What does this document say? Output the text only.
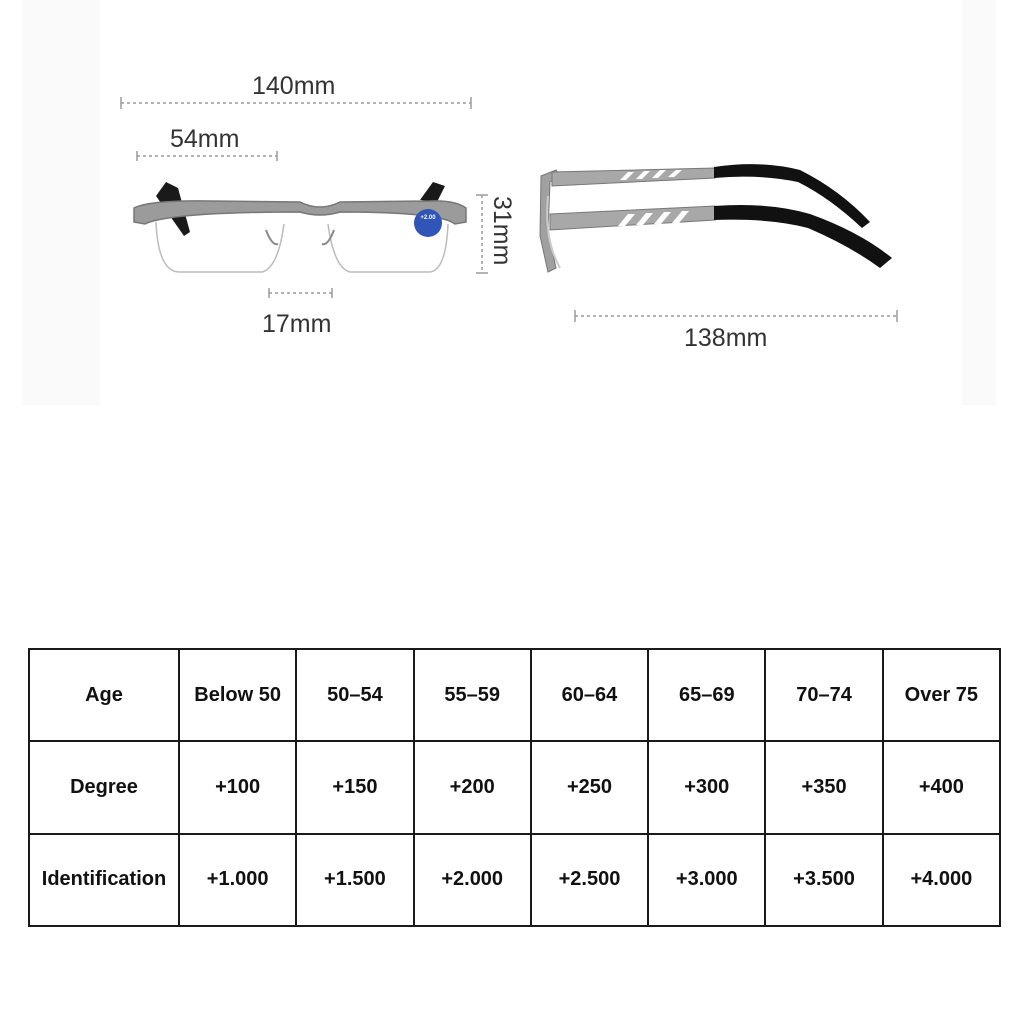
+2.00
140mm
54mm
17mm
31mm
138mm
Age	Below 50	50–54	55–59	60–64	65–69	70–74	Over 75
Degree	+100	+150	+200	+250	+300	+350	+400
Identification	+1.000	+1.500	+2.000	+2.500	+3.000	+3.500	+4.000
